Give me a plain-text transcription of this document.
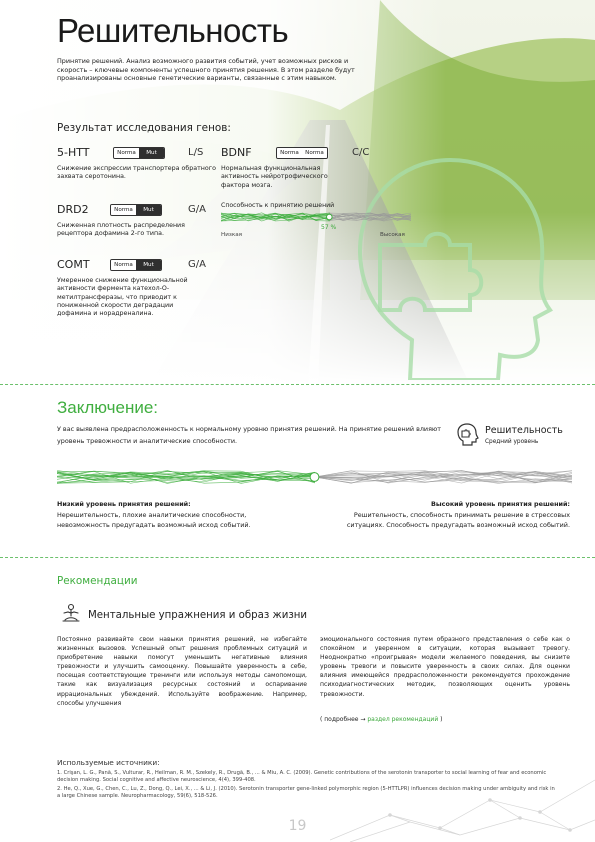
Решительность
Принятие решений. Анализ возможного развития событий, учет возможных рисков и скорость – ключевые компоненты успешного принятия решения. В этом разделе будут проанализированы основные генетические варианты, связанные с этим навыком.
Результат исследования генов:
5-HTT	Norma	Mut	L/S
Снижение экспрессии транспортера обратного захвата серотонина.
BDNF	Norma	Norma	C/C
Нормальная функциональная активность нейротрофического фактора мозга.
DRD2	Norma	Mut	G/A
Сниженная плотность распределения рецептора дофамина 2-го типа.
COMT	Norma	Mut	G/A
Умеренное снижение функциональной активности фермента катехол-О-метилтрансферазы, что приводит к пониженной скорости деградации дофамина и норадреналина.
Способность к принятию решений
57 %
Низкая	Высокая
Заключение:
У вас выявлена предрасположенность к нормальному уровню принятия решений. На принятие решений влияют уровень тревожности и аналитические способности.
Решительность
Средний уровень
Низкий уровень принятия решений:
Нерешительность, плохие аналитические способности, невозможность предугадать возможный исход событий.
Высокий уровень принятия решений:
Решительность, способность принимать решение в стрессовых ситуациях. Способность предугадать возможный исход событий.
Рекомендации
Ментальные упражнения и образ жизни
Постоянно развивайте свои навыки принятия решений, не избегайте жизненных вызовов. Успешный опыт решения проблемных ситуаций и приобретение навыки помогут уменьшить негативные влияния тревожности и улучшить самооценку. Повышайте уверенность в себе, посещая соответствующие тренинги или используя методы самопомощи, такие как визуализация ресурсных состояний и оспаривание иррациональных убеждений. Используйте воображение. Например, способы улучшения
эмоционального состояния путем образного представления о себе как о спокойном и уверенном в ситуации, которая вызывает тревогу. Неоднократно «проигрывая» модели желаемого поведения, вы снизите уровень тревоги и повысите уверенность в своих силах. Для оценки влияния имеющейся предрасположенности рекомендуется прохождение психодиагностических методик, позволяющих оценить уровень тревожности.
( подробнее → раздел рекомендаций )
Используемые источники:
1. Crişan, L. G., Panã, S., Vulturar, R., Heilman, R. M., Szekely, R., Drugã, B., ... & Miu, A. C. (2009). Genetic contributions of the serotonin transporter to social learning of fear and economic decision making. Social cognitive and affective neuroscience, 4(4), 399-408.
2. He, Q., Xue, G., Chen, C., Lu, Z., Dong, Q., Lei, X., ... & Li, J. (2010). Serotonin transporter gene-linked polymorphic region (5-HTTLPR) influences decision making under ambiguity and risk in a large Chinese sample. Neuropharmacology, 59(6), 518-526.
19
